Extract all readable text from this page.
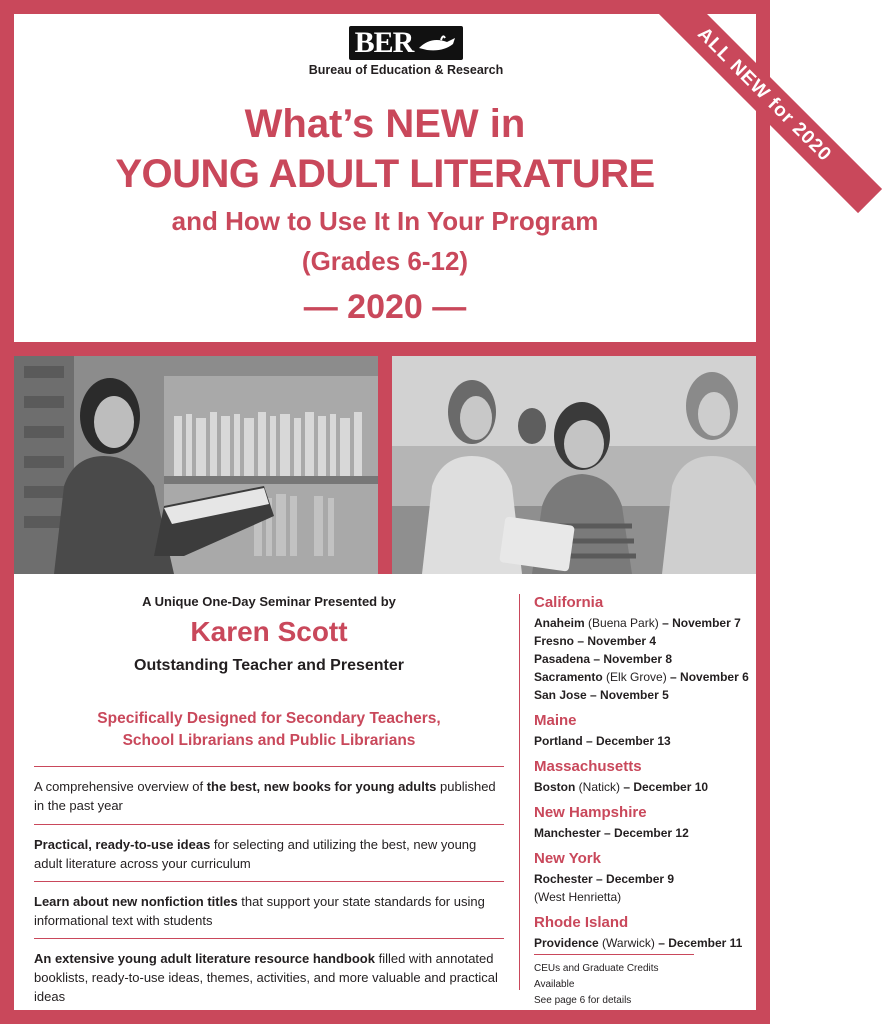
BER
Bureau of Education & Research
What’s NEW in
YOUNG ADULT LITERATURE
and How to Use It In Your Program
(Grades 6-12)
— 2020 —
ALL NEW for 2020
A Unique One-Day Seminar Presented by
Karen Scott
Outstanding Teacher and Presenter
Specifically Designed for Secondary Teachers,
School Librarians and Public Librarians
A comprehensive overview of the best, new books for young adults published in the past year
Practical, ready-to-use ideas for selecting and utilizing the best, new young adult literature across your curriculum
Learn about new nonfiction titles that support your state standards for using informational text with students
An extensive young adult literature resource handbook filled with annotated booklists, ready-to-use ideas, themes, activities, and more valuable and practical ideas
California
Anaheim (Buena Park) – November 7
Fresno – November 4
Pasadena – November 8
Sacramento (Elk Grove) – November 6
San Jose – November 5
Maine
Portland – December 13
Massachusetts
Boston (Natick) – December 10
New Hampshire
Manchester – December 12
New York
Rochester – December 9
(West Henrietta)
Rhode Island
Providence (Warwick) – December 11
CEUs and Graduate Credits Available
See page 6 for details
